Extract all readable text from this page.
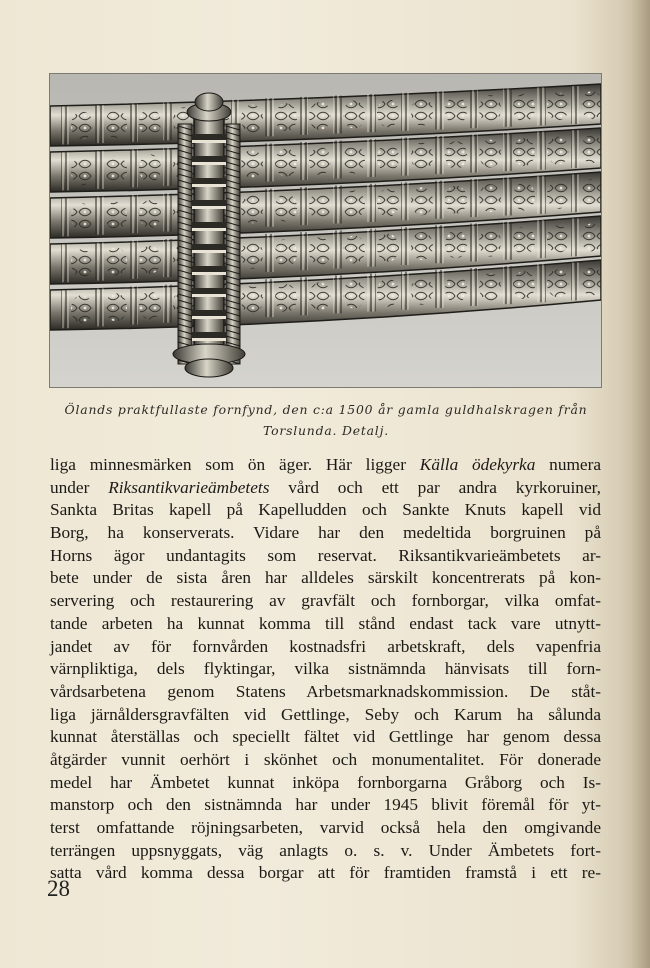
Ölands praktfullaste fornfynd, den c:a 1500 år gamla guldhalskragen från
Torslunda. Detalj.
liga minnesmärken som ön äger. Här ligger Källa ödekyrka numera
under Riksantikvarieämbetets vård och ett par andra kyrkoruiner,
Sankta Britas kapell på Kapelludden och Sankte Knuts kapell vid
Borg, ha konserverats. Vidare har den medeltida borgruinen på
Horns ägor undantagits som reservat. Riksantikvarieämbetets ar-
bete under de sista åren har alldeles särskilt koncentrerats på kon-
servering och restaurering av gravfält och fornborgar, vilka omfat-
tande arbeten ha kunnat komma till stånd endast tack vare utnytt-
jandet av för fornvården kostnadsfri arbetskraft, dels vapenfria
värnpliktiga, dels flyktingar, vilka sistnämnda hänvisats till forn-
vårdsarbetena genom Statens Arbetsmarknadskommission. De ståt-
liga järnåldersgravfälten vid Gettlinge, Seby och Karum ha sålunda
kunnat återställas och speciellt fältet vid Gettlinge har genom dessa
åtgärder vunnit oerhört i skönhet och monumentalitet. För donerade
medel har Ämbetet kunnat inköpa fornborgarna Gråborg och Is-
manstorp och den sistnämnda har under 1945 blivit föremål för yt-
terst omfattande röjningsarbeten, varvid också hela den omgivande
terrängen uppsnyggats, väg anlagts o. s. v. Under Ämbetets fort-
satta vård komma dessa borgar att för framtiden framstå i ett re-
28
